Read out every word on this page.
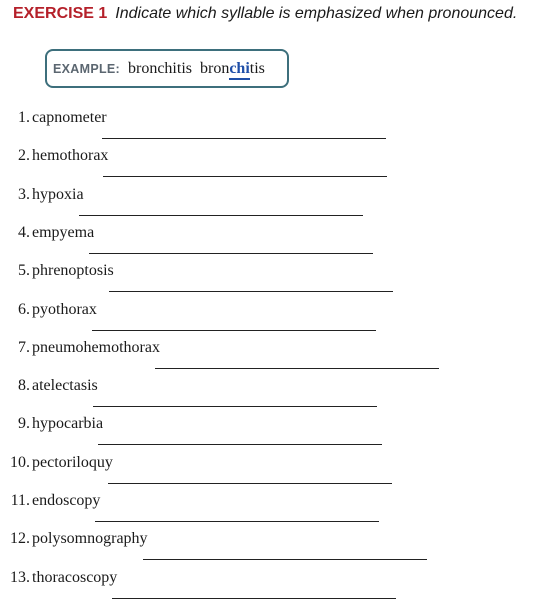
EXERCISE 1 Indicate which syllable is emphasized when pronounced.
EXAMPLE: bronchitis bronchitis
1. capnometer
2. hemothorax
3. hypoxia
4. empyema
5. phrenoptosis
6. pyothorax
7. pneumohemothorax
8. atelectasis
9. hypocarbia
10. pectoriloquy
11. endoscopy
12. polysomnography
13. thoracoscopy
